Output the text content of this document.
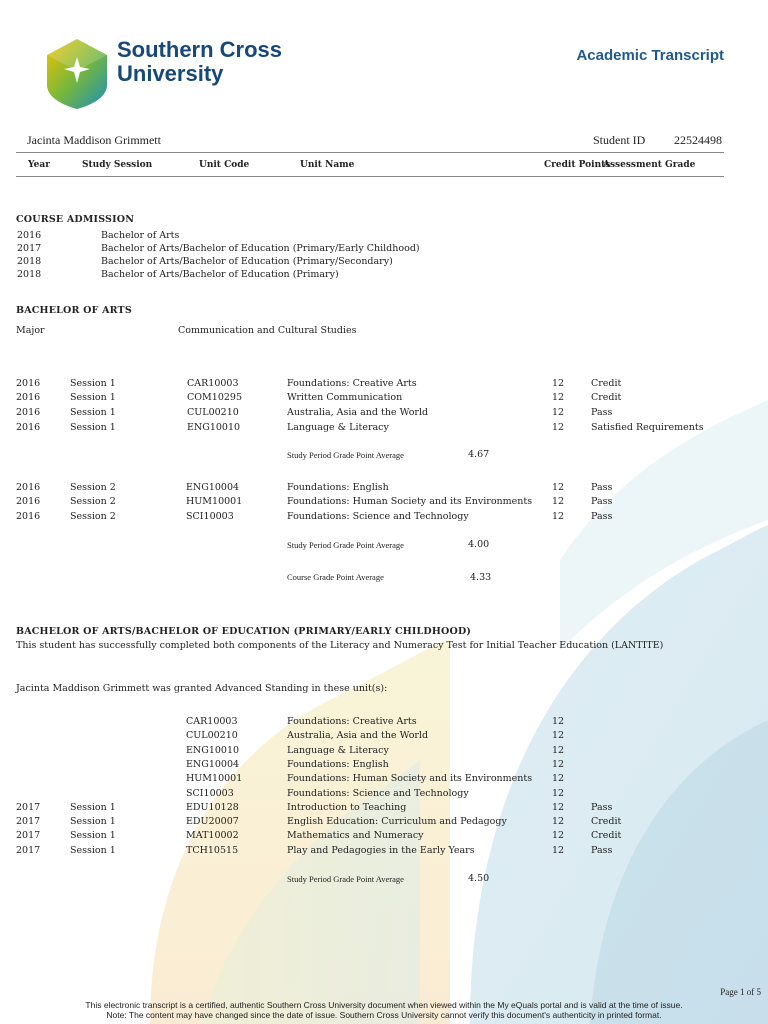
Southern Cross
University
Academic Transcript
Jacinta Maddison Grimmett	Student ID 22524498
Year	Study Session	Unit Code	Unit Name	Credit Points
Assessment Grade
COURSE ADMISSION
2016	Bachelor of Arts
2017	Bachelor of Arts/Bachelor of Education (Primary/Early Childhood)
2018	Bachelor of Arts/Bachelor of Education (Primary/Secondary)
2018	Bachelor of Arts/Bachelor of Education (Primary)
BACHELOR OF ARTS
Major	Communication and Cultural Studies
2016	Session 1	CAR10003	Foundations: Creative Arts	12	Credit
2016	Session 1	COM10295	Written Communication	12	Credit
2016	Session 1	CUL00210	Australia, Asia and the World	12	Pass
2016	Session 1	ENG10010	Language & Literacy	12	Satisfied Requirements
Study Period Grade Point Average	4.67
2016	Session 2	ENG10004	Foundations: English	12	Pass
2016	Session 2	HUM10001	Foundations: Human Society and its Environments 12	Pass
2016	Session 2	SCI10003	Foundations: Science and Technology	12	Pass
Study Period Grade Point Average	4.00
Course Grade Point Average	4.33
BACHELOR OF ARTS/BACHELOR OF EDUCATION (PRIMARY/EARLY CHILDHOOD)
This student has successfully completed both components of the Literacy and Numeracy Test for Initial Teacher Education (LANTITE)
Jacinta Maddison Grimmett was granted Advanced Standing in these unit(s):
CAR10003	Foundations: Creative Arts	12
CUL00210	Australia, Asia and the World	12
ENG10010	Language & Literacy	12
ENG10004	Foundations: English	12
HUM10001	Foundations: Human Society and its Environments 12
SCI10003	Foundations: Science and Technology	12
2017	Session 1	EDU10128	Introduction to Teaching	12	Pass
2017	Session 1	EDU20007	English Education: Curriculum and Pedagogy	12	Credit
2017	Session 1	MAT10002	Mathematics and Numeracy	12	Credit
2017	Session 1	TCH10515	Play and Pedagogies in the Early Years	12	Pass
Study Period Grade Point Average	4.50
Page 1 of 5
This electronic transcript is a certified, authentic Southern Cross University document when viewed within the My eQuals portal and is valid at the time of issue.
Note: The content may have changed since the date of issue. Southern Cross University cannot verify this document's authenticity in printed format.
